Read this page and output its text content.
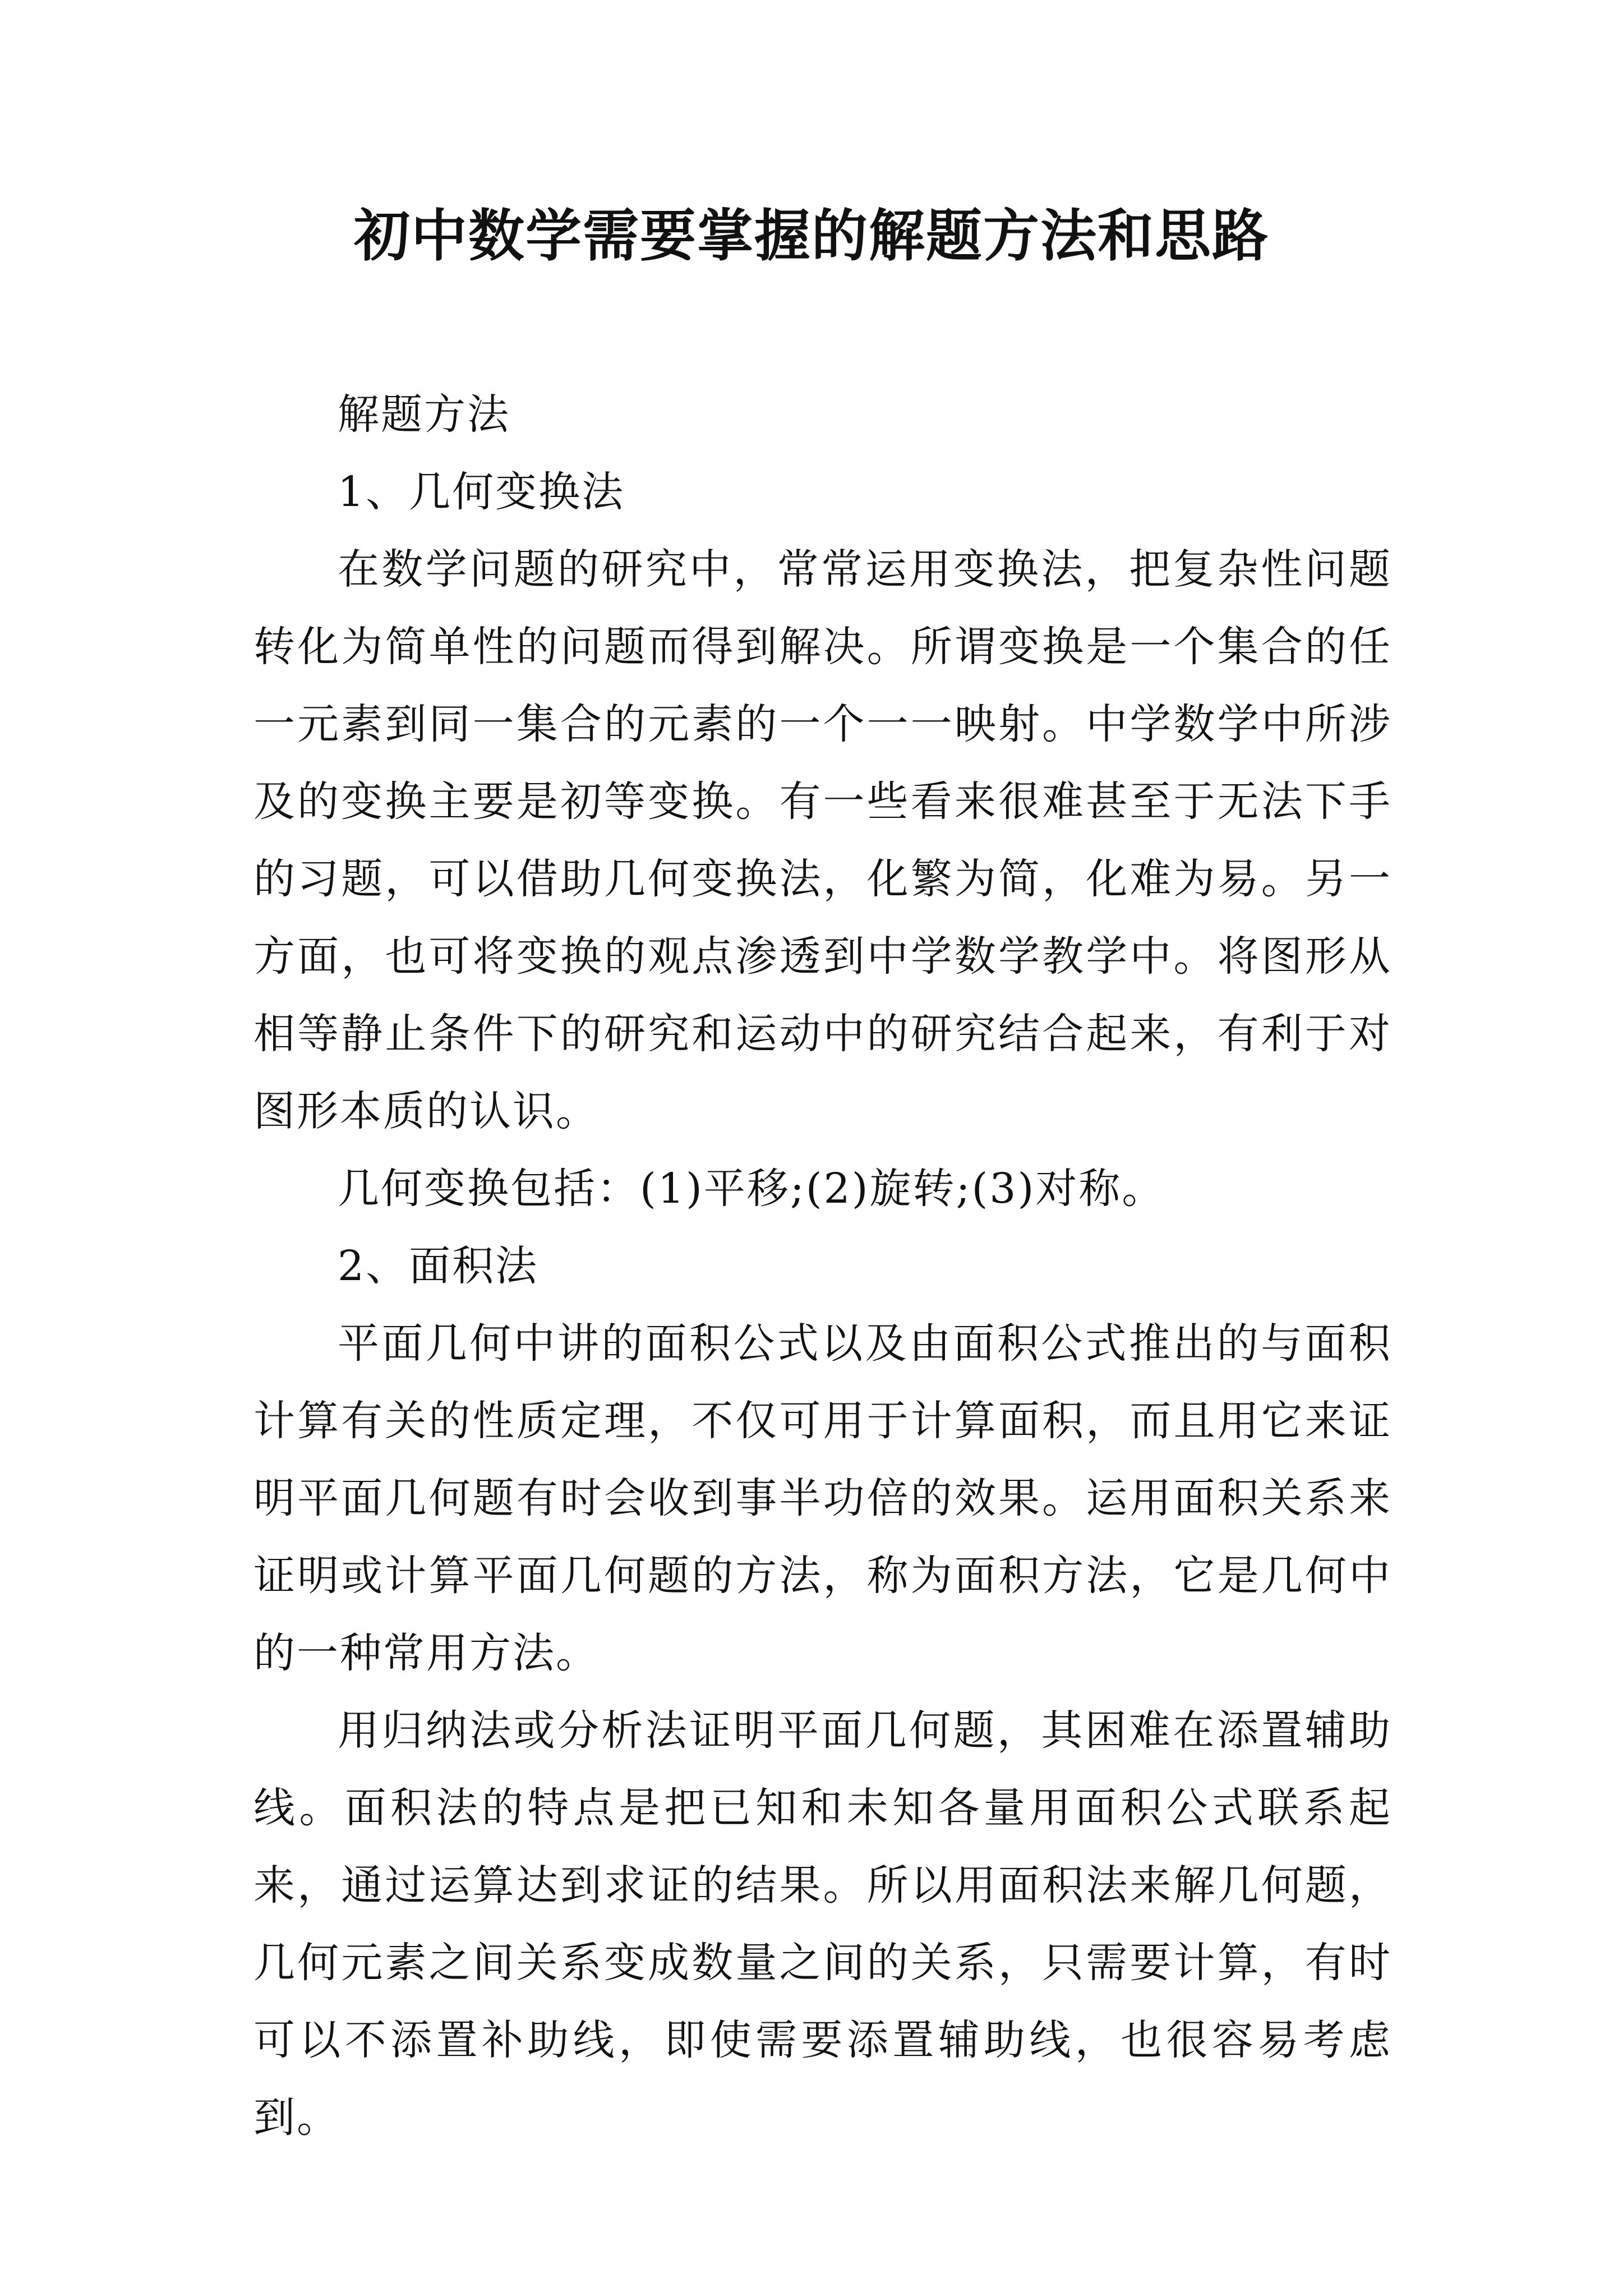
初中数学需要掌握的解题方法和思路

解题方法

1、几何变换法

在数学问题的研究中，常常运用变换法，把复杂性问题转化为简单性的问题而得到解决。所谓变换是一个集合的任一元素到同一集合的元素的一个一一映射。中学数学中所涉及的变换主要是初等变换。有一些看来很难甚至于无法下手的习题，可以借助几何变换法，化繁为简，化难为易。另一方面，也可将变换的观点渗透到中学数学教学中。将图形从相等静止条件下的研究和运动中的研究结合起来，有利于对图形本质的认识。

几何变换包括：(1)平移;(2)旋转;(3)对称。

2、面积法

平面几何中讲的面积公式以及由面积公式推出的与面积计算有关的性质定理，不仅可用于计算面积，而且用它来证明平面几何题有时会收到事半功倍的效果。运用面积关系来证明或计算平面几何题的方法，称为面积方法，它是几何中的一种常用方法。

用归纳法或分析法证明平面几何题，其困难在添置辅助线。面积法的特点是把已知和未知各量用面积公式联系起来，通过运算达到求证的结果。所以用面积法来解几何题，几何元素之间关系变成数量之间的关系，只需要计算，有时可以不添置补助线，即使需要添置辅助线，也很容易考虑到。
